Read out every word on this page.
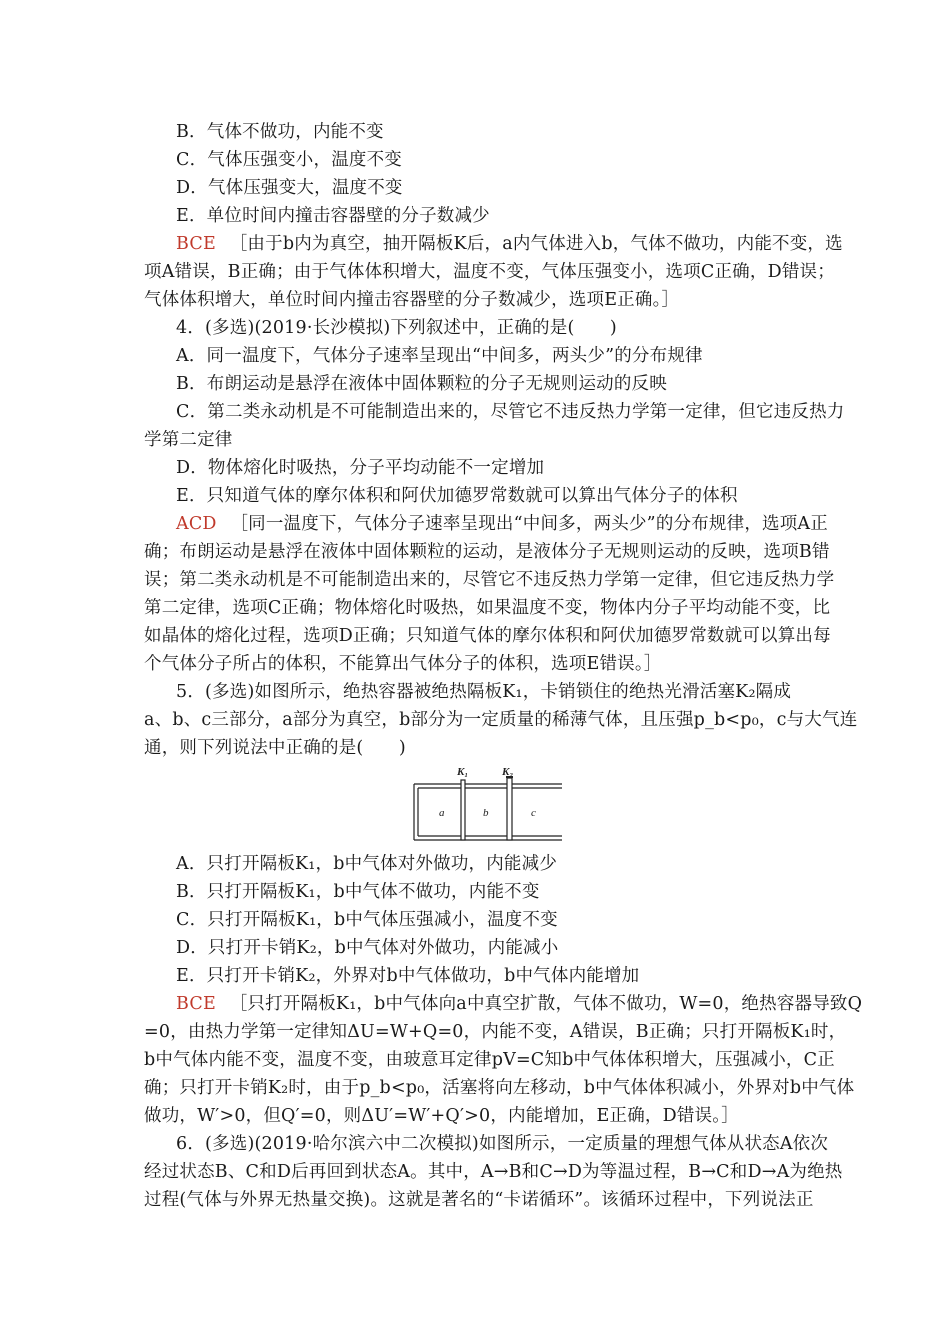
B．气体不做功，内能不变
C．气体压强变小，温度不变
D．气体压强变大，温度不变
E．单位时间内撞击容器壁的分子数减少
BCE ［由于b内为真空，抽开隔板K后，a内气体进入b，气体不做功，内能不变，选
项A错误，B正确；由于气体体积增大，温度不变，气体压强变小，选项C正确，D错误；
气体体积增大，单位时间内撞击容器壁的分子数减少，选项E正确。］
4．(多选)(2019·长沙模拟)下列叙述中，正确的是(　　)
A．同一温度下，气体分子速率呈现出“中间多，两头少”的分布规律
B．布朗运动是悬浮在液体中固体颗粒的分子无规则运动的反映
C．第二类永动机是不可能制造出来的，尽管它不违反热力学第一定律，但它违反热力
学第二定律
D．物体熔化时吸热，分子平均动能不一定增加
E．只知道气体的摩尔体积和阿伏加德罗常数就可以算出气体分子的体积
ACD ［同一温度下，气体分子速率呈现出“中间多，两头少”的分布规律，选项A正
确；布朗运动是悬浮在液体中固体颗粒的运动，是液体分子无规则运动的反映，选项B错
误；第二类永动机是不可能制造出来的，尽管它不违反热力学第一定律，但它违反热力学
第二定律，选项C正确；物体熔化时吸热，如果温度不变，物体内分子平均动能不变，比
如晶体的熔化过程，选项D正确；只知道气体的摩尔体积和阿伏加德罗常数就可以算出每
个气体分子所占的体积，不能算出气体分子的体积，选项E错误。］
5．(多选)如图所示，绝热容器被绝热隔板K₁，卡销锁住的绝热光滑活塞K₂隔成
a、b、c三部分，a部分为真空，b部分为一定质量的稀薄气体，且压强p_b<p₀，c与大气连
通，则下列说法中正确的是(　　)
K₁	K₂
a	b	c
A．只打开隔板K₁，b中气体对外做功，内能减少
B．只打开隔板K₁，b中气体不做功，内能不变
C．只打开隔板K₁，b中气体压强减小，温度不变
D．只打开卡销K₂，b中气体对外做功，内能减小
E．只打开卡销K₂，外界对b中气体做功，b中气体内能增加
BCE ［只打开隔板K₁，b中气体向a中真空扩散，气体不做功，W=0，绝热容器导致Q
=0，由热力学第一定律知ΔU=W+Q=0，内能不变，A错误，B正确；只打开隔板K₁时，
b中气体内能不变，温度不变，由玻意耳定律pV=C知b中气体体积增大，压强减小，C正
确；只打开卡销K₂时，由于p_b<p₀，活塞将向左移动，b中气体体积减小，外界对b中气体
做功，W′>0，但Q′=0，则ΔU′=W′+Q′>0，内能增加，E正确，D错误。］
6．(多选)(2019·哈尔滨六中二次模拟)如图所示，一定质量的理想气体从状态A依次
经过状态B、C和D后再回到状态A。其中，A→B和C→D为等温过程，B→C和D→A为绝热
过程(气体与外界无热量交换)。这就是著名的“卡诺循环”。该循环过程中，下列说法正
